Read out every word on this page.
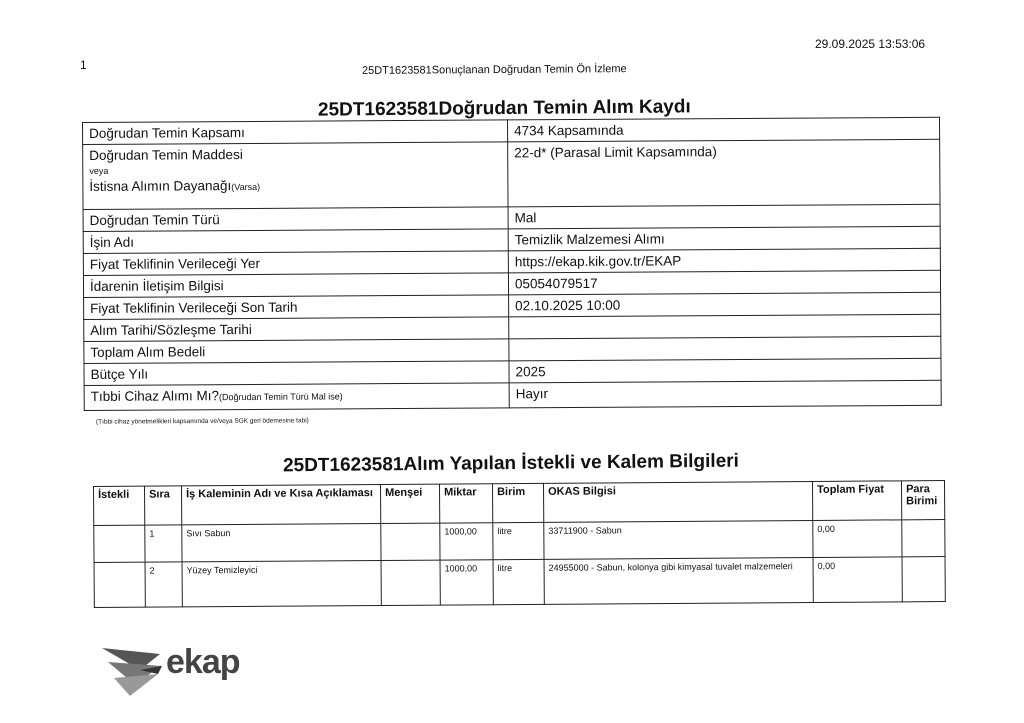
1
29.09.2025 13:53:06
25DT1623581Sonuçlanan Doğrudan Temin Ön İzleme
25DT1623581Doğrudan Temin Alım Kaydı
Doğrudan Temin Kapsamı	4734 Kapsamında
Doğrudan Temin Maddesi
veya
İstisna Alımın Dayanağı(Varsa)	22-d* (Parasal Limit Kapsamında)
Doğrudan Temin Türü	Mal
İşin Adı	Temizlik Malzemesi Alımı
Fiyat Teklifinin Verileceği Yer	https://ekap.kik.gov.tr/EKAP
İdarenin İletişim Bilgisi	05054079517
Fiyat Teklifinin Verileceği Son Tarih	02.10.2025 10:00
Alım Tarihi/Sözleşme Tarihi	
Toplam Alım Bedeli	
Bütçe Yılı	2025
Tıbbi Cihaz Alımı Mı?(Doğrudan Temin Türü Mal ise)	Hayır
(Tıbbi cihaz yönetmelikleri kapsamında ve/veya SGK geri ödemesine tabi)
25DT1623581Alım Yapılan İstekli ve Kalem Bilgileri
İstekli	Sıra	İş Kaleminin Adı ve Kısa Açıklaması	Menşei	Miktar	Birim	OKAS Bilgisi	Toplam Fiyat	Para Birimi
	1	Sıvı Sabun		1000,00	litre	33711900 - Sabun	0,00	
	2	Yüzey Temizleyici		1000,00	litre	24955000 - Sabun, kolonya gibi kimyasal tuvalet malzemeleri	0,00	
ekap
